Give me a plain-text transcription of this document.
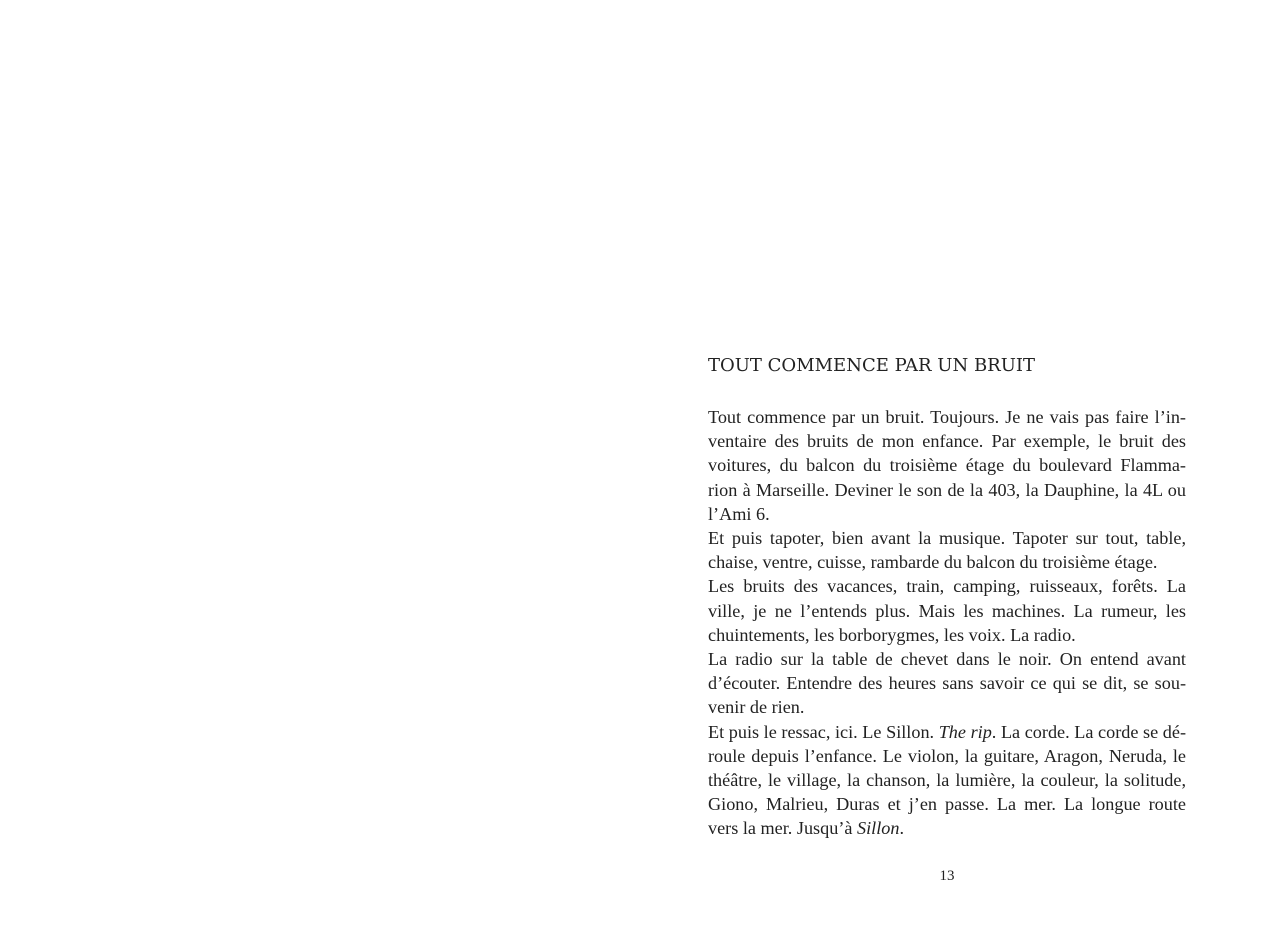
TOUT COMMENCE PAR UN BRUIT
Tout commence par un bruit. Toujours. Je ne vais pas faire l’in-
ventaire des bruits de mon enfance. Par exemple, le bruit des
voitures, du balcon du troisième étage du boulevard Flamma-
rion à Marseille. Deviner le son de la 403, la Dauphine, la 4L ou
l’Ami 6.
Et puis tapoter, bien avant la musique. Tapoter sur tout, table,
chaise, ventre, cuisse, rambarde du balcon du troisième étage.
Les bruits des vacances, train, camping, ruisseaux, forêts. La
ville, je ne l’entends plus. Mais les machines. La rumeur, les
chuintements, les borborygmes, les voix. La radio.
La radio sur la table de chevet dans le noir. On entend avant
d’écouter. Entendre des heures sans savoir ce qui se dit, se sou-
venir de rien.
Et puis le ressac, ici. Le Sillon. The rip. La corde. La corde se dé-
roule depuis l’enfance. Le violon, la guitare, Aragon, Neruda, le
théâtre, le village, la chanson, la lumière, la couleur, la solitude,
Giono, Malrieu, Duras et j’en passe. La mer. La longue route
vers la mer. Jusqu’à Sillon.
13
